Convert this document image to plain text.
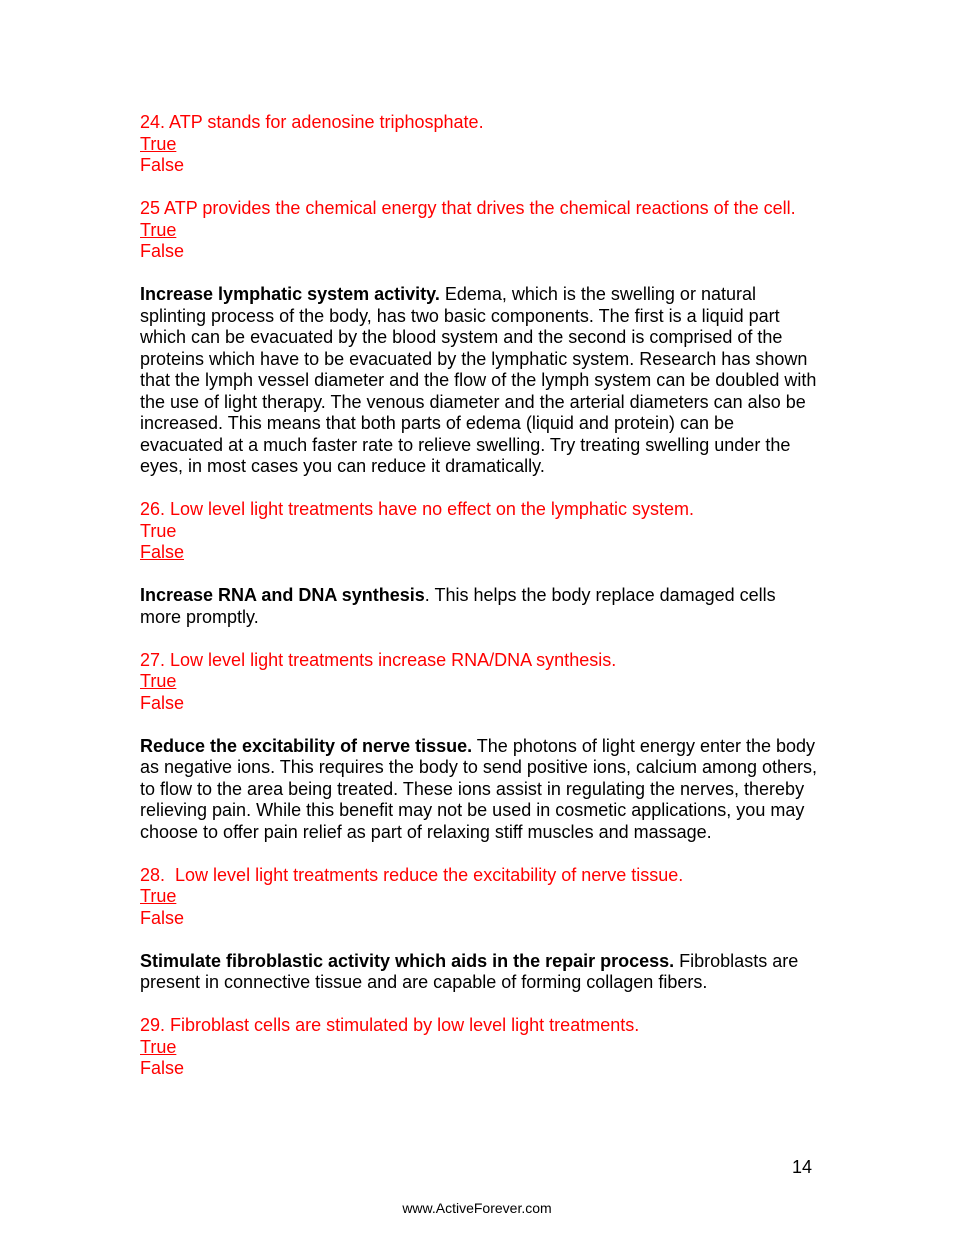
24. ATP stands for adenosine triphosphate.
True
False
25 ATP provides the chemical energy that drives the chemical reactions of the cell.
True
False

Increase lymphatic system activity. Edema, which is the swelling or natural splinting process of the body, has two basic components. The first is a liquid part which can be evacuated by the blood system and the second is comprised of the proteins which have to be evacuated by the lymphatic system. Research has shown that the lymph vessel diameter and the flow of the lymph system can be doubled with the use of light therapy. The venous diameter and the arterial diameters can also be increased. This means that both parts of edema (liquid and protein) can be evacuated at a much faster rate to relieve swelling. Try treating swelling under the eyes, in most cases you can reduce it dramatically.

26. Low level light treatments have no effect on the lymphatic system.
True
False

Increase RNA and DNA synthesis. This helps the body replace damaged cells more promptly.

27. Low level light treatments increase RNA/DNA synthesis.
True
False

Reduce the excitability of nerve tissue. The photons of light energy enter the body as negative ions. This requires the body to send positive ions, calcium among others, to flow to the area being treated. These ions assist in regulating the nerves, thereby relieving pain. While this benefit may not be used in cosmetic applications, you may choose to offer pain relief as part of relaxing stiff muscles and massage.

28.  Low level light treatments reduce the excitability of nerve tissue.
True
False

Stimulate fibroblastic activity which aids in the repair process. Fibroblasts are present in connective tissue and are capable of forming collagen fibers.

29. Fibroblast cells are stimulated by low level light treatments.
True
False
14
www.ActiveForever.com
